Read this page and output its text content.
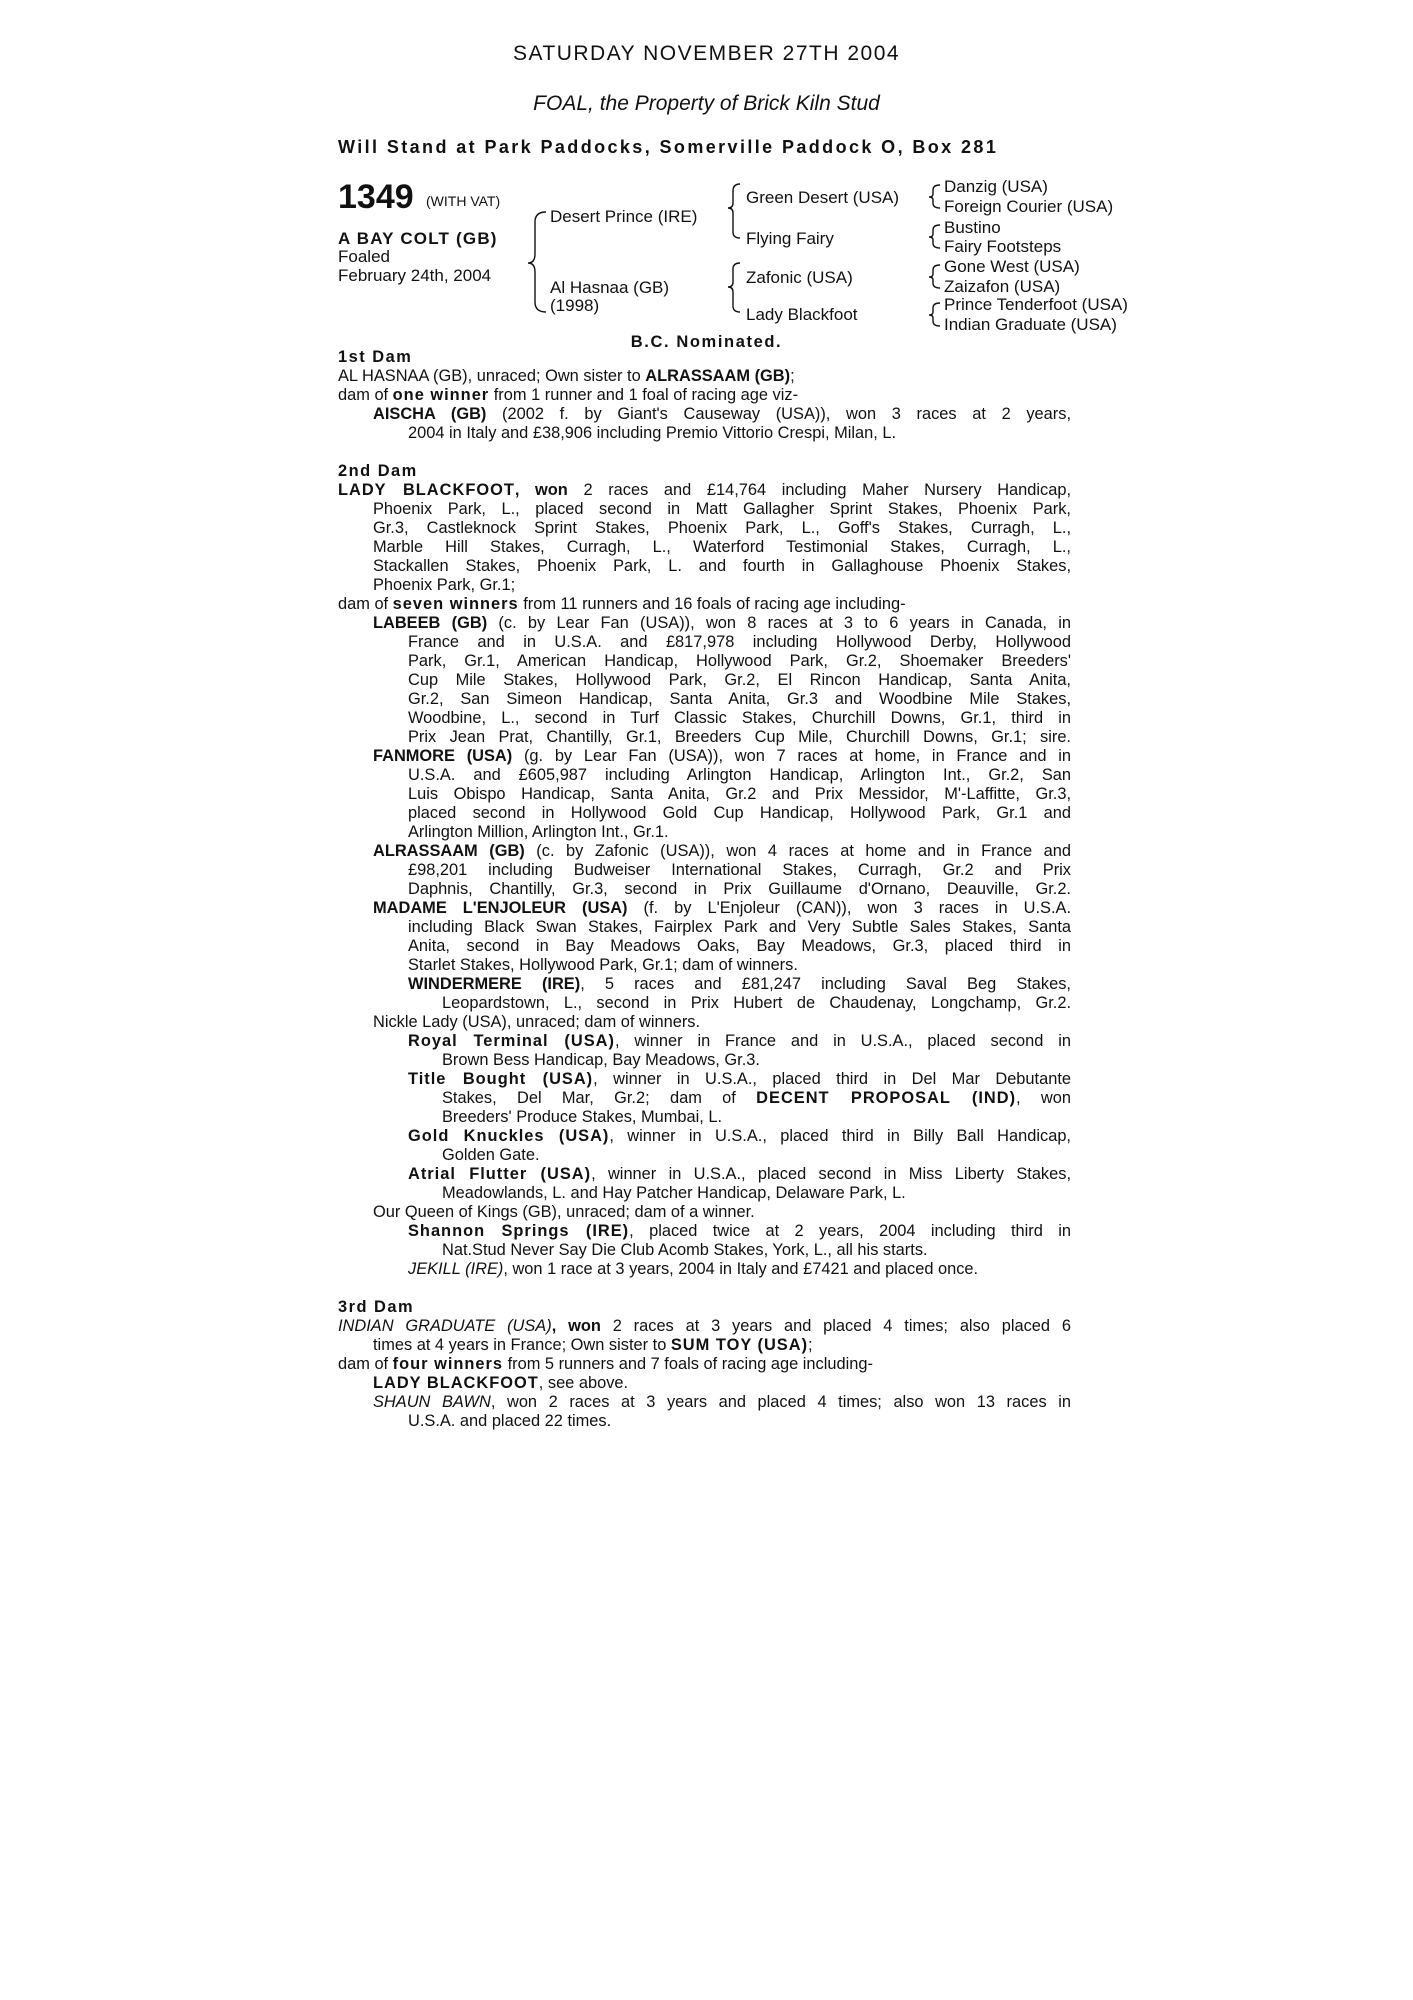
SATURDAY NOVEMBER 27TH 2004
FOAL, the Property of Brick Kiln Stud
Will Stand at Park Paddocks, Somerville Paddock O, Box 281
1349 (WITH VAT)
A BAY COLT (GB)
Foaled
February 24th, 2004
Desert Prince (IRE)
Al Hasnaa (GB)
(1998)
Green Desert (USA)
Flying Fairy
Zafonic (USA)
Lady Blackfoot
Danzig (USA)
Foreign Courier (USA)
Bustino
Fairy Footsteps
Gone West (USA)
Zaizafon (USA)
Prince Tenderfoot (USA)
Indian Graduate (USA)
B.C. Nominated.
1st Dam
AL HASNAA (GB), unraced; Own sister to ALRASSAAM (GB);
dam of one winner from 1 runner and 1 foal of racing age viz-
AISCHA (GB) (2002 f. by Giant's Causeway (USA)), won 3 races at 2 years,
2004 in Italy and £38,906 including Premio Vittorio Crespi, Milan, L.
2nd Dam
LADY BLACKFOOT, won 2 races and £14,764 including Maher Nursery Handicap,
Phoenix Park, L., placed second in Matt Gallagher Sprint Stakes, Phoenix Park,
Gr.3, Castleknock Sprint Stakes, Phoenix Park, L., Goff's Stakes, Curragh, L.,
Marble Hill Stakes, Curragh, L., Waterford Testimonial Stakes, Curragh, L.,
Stackallen Stakes, Phoenix Park, L. and fourth in Gallaghouse Phoenix Stakes,
Phoenix Park, Gr.1;
dam of seven winners from 11 runners and 16 foals of racing age including-
LABEEB (GB) (c. by Lear Fan (USA)), won 8 races at 3 to 6 years in Canada, in
France and in U.S.A. and £817,978 including Hollywood Derby, Hollywood
Park, Gr.1, American Handicap, Hollywood Park, Gr.2, Shoemaker Breeders'
Cup Mile Stakes, Hollywood Park, Gr.2, El Rincon Handicap, Santa Anita,
Gr.2, San Simeon Handicap, Santa Anita, Gr.3 and Woodbine Mile Stakes,
Woodbine, L., second in Turf Classic Stakes, Churchill Downs, Gr.1, third in
Prix Jean Prat, Chantilly, Gr.1, Breeders Cup Mile, Churchill Downs, Gr.1; sire.
FANMORE (USA) (g. by Lear Fan (USA)), won 7 races at home, in France and in
U.S.A. and £605,987 including Arlington Handicap, Arlington Int., Gr.2, San
Luis Obispo Handicap, Santa Anita, Gr.2 and Prix Messidor, M'-Laffitte, Gr.3,
placed second in Hollywood Gold Cup Handicap, Hollywood Park, Gr.1 and
Arlington Million, Arlington Int., Gr.1.
ALRASSAAM (GB) (c. by Zafonic (USA)), won 4 races at home and in France and
£98,201 including Budweiser International Stakes, Curragh, Gr.2 and Prix
Daphnis, Chantilly, Gr.3, second in Prix Guillaume d'Ornano, Deauville, Gr.2.
MADAME L'ENJOLEUR (USA) (f. by L'Enjoleur (CAN)), won 3 races in U.S.A.
including Black Swan Stakes, Fairplex Park and Very Subtle Sales Stakes, Santa
Anita, second in Bay Meadows Oaks, Bay Meadows, Gr.3, placed third in
Starlet Stakes, Hollywood Park, Gr.1; dam of winners.
WINDERMERE (IRE), 5 races and £81,247 including Saval Beg Stakes,
Leopardstown, L., second in Prix Hubert de Chaudenay, Longchamp, Gr.2.
Nickle Lady (USA), unraced; dam of winners.
Royal Terminal (USA), winner in France and in U.S.A., placed second in
Brown Bess Handicap, Bay Meadows, Gr.3.
Title Bought (USA), winner in U.S.A., placed third in Del Mar Debutante
Stakes, Del Mar, Gr.2; dam of DECENT PROPOSAL (IND), won
Breeders' Produce Stakes, Mumbai, L.
Gold Knuckles (USA), winner in U.S.A., placed third in Billy Ball Handicap,
Golden Gate.
Atrial Flutter (USA), winner in U.S.A., placed second in Miss Liberty Stakes,
Meadowlands, L. and Hay Patcher Handicap, Delaware Park, L.
Our Queen of Kings (GB), unraced; dam of a winner.
Shannon Springs (IRE), placed twice at 2 years, 2004 including third in
Nat.Stud Never Say Die Club Acomb Stakes, York, L., all his starts.
JEKILL (IRE), won 1 race at 3 years, 2004 in Italy and £7421 and placed once.
3rd Dam
INDIAN GRADUATE (USA), won 2 races at 3 years and placed 4 times; also placed 6
times at 4 years in France; Own sister to SUM TOY (USA);
dam of four winners from 5 runners and 7 foals of racing age including-
LADY BLACKFOOT, see above.
SHAUN BAWN, won 2 races at 3 years and placed 4 times; also won 13 races in
U.S.A. and placed 22 times.
